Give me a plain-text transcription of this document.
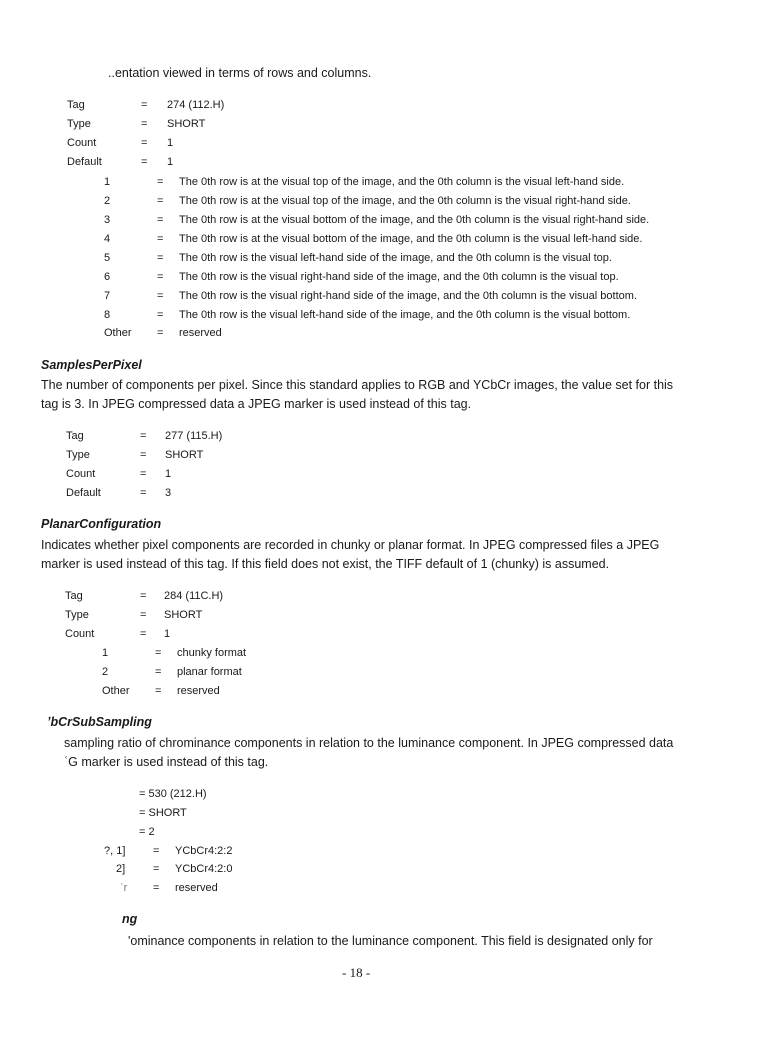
..entation viewed in terms of rows and columns.
Tag	= 274 (112.H)
Type	= SHORT
Count	= 1
Default	= 1
1	= The 0th row is at the visual top of the image, and the 0th column is the visual left-hand side.
2	= The 0th row is at the visual top of the image, and the 0th column is the visual right-hand side.
3	= The 0th row is at the visual bottom of the image, and the 0th column is the visual right-hand side.
4	= The 0th row is at the visual bottom of the image, and the 0th column is the visual left-hand side.
5	= The 0th row is the visual left-hand side of the image, and the 0th column is the visual top.
6	= The 0th row is the visual right-hand side of the image, and the 0th column is the visual top.
7	= The 0th row is the visual right-hand side of the image, and the 0th column is the visual bottom.
8	= The 0th row is the visual left-hand side of the image, and the 0th column is the visual bottom.
Other = reserved
SamplesPerPixel
The number of components per pixel. Since this standard applies to RGB and YCbCr images, the value set for this tag is 3. In JPEG compressed data a JPEG marker is used instead of this tag.
Tag	= 277 (115.H)
Type	= SHORT
Count	= 1
Default	= 3
PlanarConfiguration
Indicates whether pixel components are recorded in chunky or planar format. In JPEG compressed files a JPEG marker is used instead of this tag. If this field does not exist, the TIFF default of 1 (chunky) is assumed.
Tag	= 284 (11C.H)
Type	= SHORT
Count	= 1
1	= chunky format
2	= planar format
Other = reserved
ʼbCrSubSampling
sampling ratio of chrominance components in relation to the luminance component. In JPEG compressed data
ʿG marker is used instead of this tag.
= 530 (212.H)
= SHORT
= 2
?, 1]	= YCbCr4:2:2
2]	= YCbCr4:2:0
ʿr = reserved
ng
'ominance components in relation to the luminance component. This field is designated only for
- 18 -
